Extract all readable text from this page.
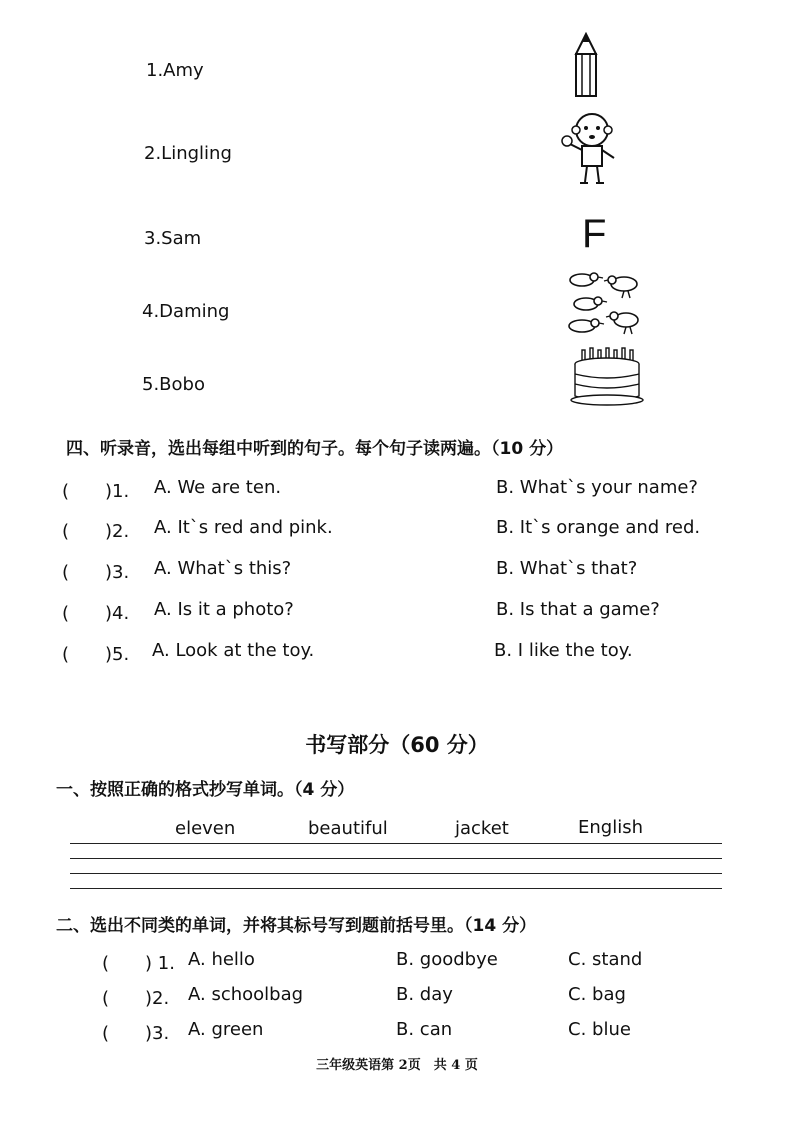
1.Amy
2.Lingling
3.Sam
4.Daming
5.Bobo
F
四、听录音，选出每组中听到的句子。每个句子读两遍。（10 分）
(　　)1. A. We are ten.	B. What`s your name?
(　　)2. A. It`s red and pink.	B. It`s orange and red.
(　　)3. A. What`s this?	B. What`s that?
(　　)4. A. Is it a photo?	B. Is that a game?
(　　)5. A. Look at the toy.	B. I like the toy.
书写部分（60 分）
一、按照正确的格式抄写单词。（4 分）
eleven	beautiful	jacket	English
二、选出不同类的单词，并将其标号写到题前括号里。（14 分）
(　　) 1. A. hello	B. goodbye	C. stand
(　　)2. A. schoolbag	B. day	C. bag
(　　)3. A. green	B. can	C. blue
三年级英语第 2页　共 4 页
